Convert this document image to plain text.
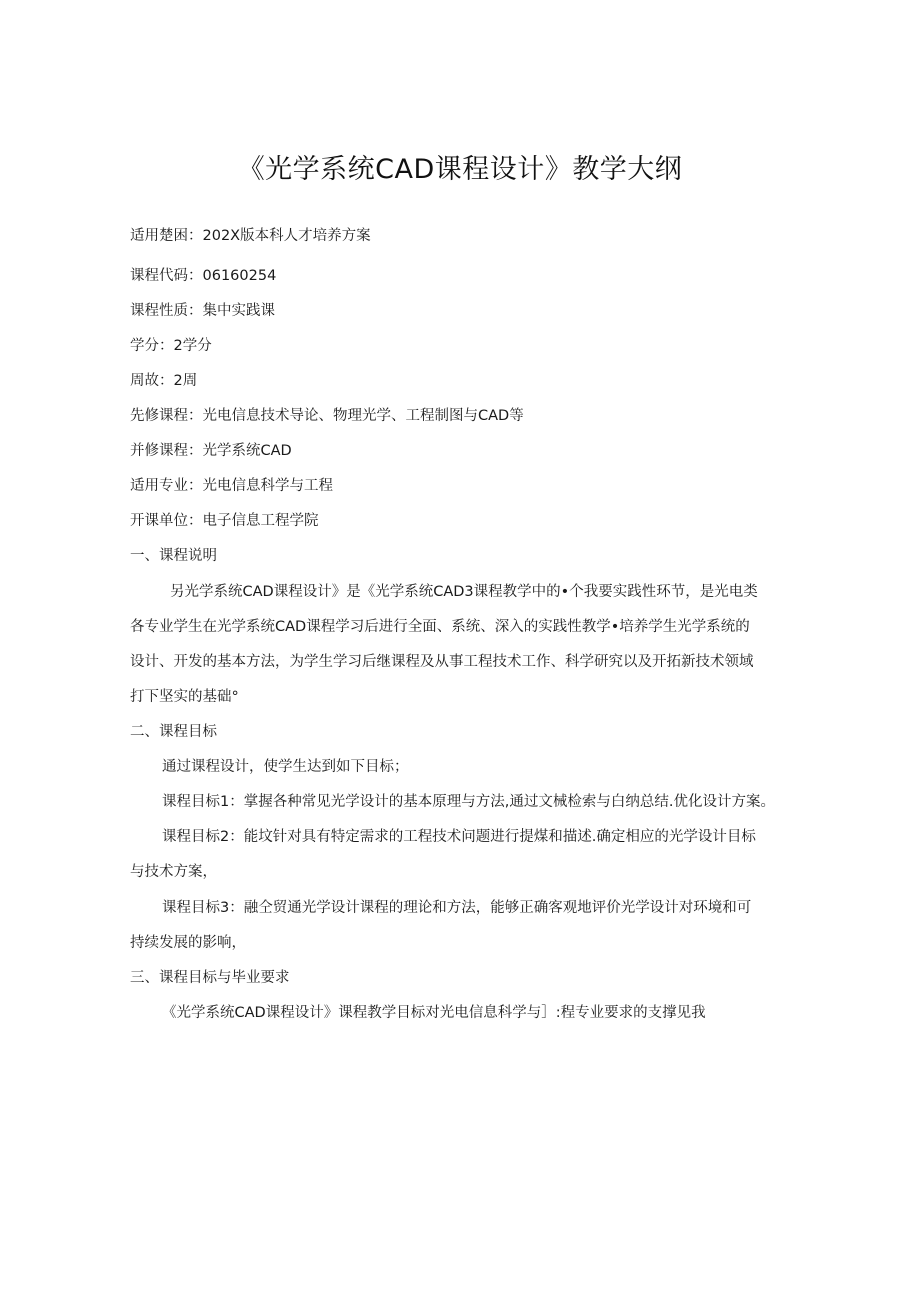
《光学系统CAD课程设计》教学大纲
适用楚困：202X版本科人才培养方案
课程代码：06160254
课程性质：集中实践课
学分：2学分
周故：2周
先修课程：光电信息技术导论、物理光学、工程制图与CAD等
并修课程：光学系统CAD
适用专业：光电信息科学与工程
开课单位：电子信息工程学院
一、课程说明
另光学系统CAD课程设计》是《光学系统CAD3课程教学中的•个我要实践性环节，是光电类
各专业学生在光学系统CAD课程学习后进行全面、系统、深入的实践性教学•培养学生光学系统的
设计、开发的基本方法，为学生学习后继课程及从事工程技术工作、科学研究以及开拓新技术领域
打下坚实的基础°
二、课程目标
通过课程设计，使学生达到如下目标；
课程目标1：掌握各种常见光学设计的基本原理与方法,通过文械检索与白纳总结.优化设计方案。
课程目标2：能坟针对具有特定需求的工程技术问题进行提煤和描述.确定相应的光学设计目标
与技术方案，
课程目标3：融仝贸通光学设计课程的理论和方法，能够正确客观地评价光学设计对环境和可
持续发展的影响，
三、课程目标与毕业要求
《光学系统CAD课程设计》课程教学目标对光电信息科学与］:程专业要求的支撑见我
